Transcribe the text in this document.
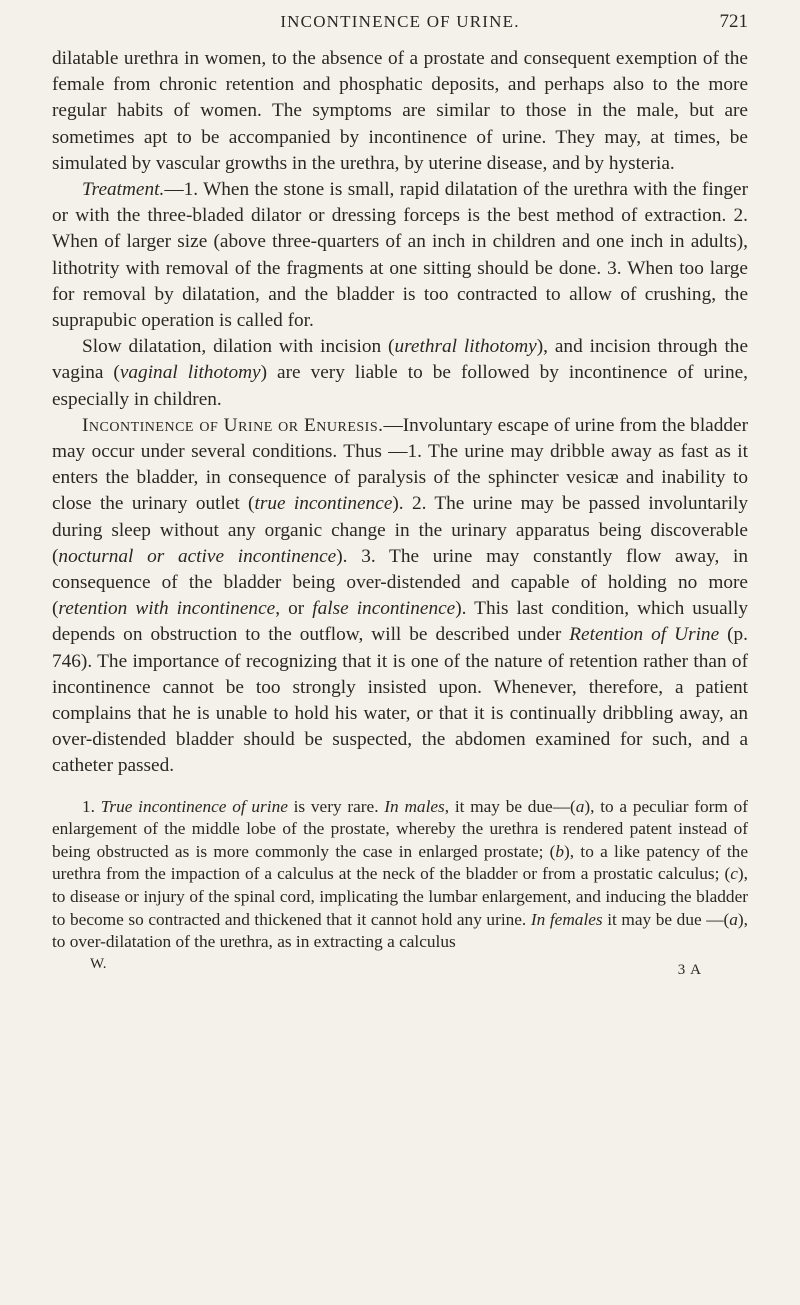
INCONTINENCE OF URINE.	721

dilatable urethra in women, to the absence of a prostate and consequent exemption of the female from chronic retention and phosphatic deposits, and perhaps also to the more regular habits of women. The symptoms are similar to those in the male, but are sometimes apt to be accompanied by incontinence of urine. They may, at times, be simulated by vascular growths in the urethra, by uterine disease, and by hysteria.

Treatment.—1. When the stone is small, rapid dilatation of the urethra with the finger or with the three-bladed dilator or dressing forceps is the best method of extraction. 2. When of larger size (above three-quarters of an inch in children and one inch in adults), lithotrity with removal of the fragments at one sitting should be done. 3. When too large for removal by dilatation, and the bladder is too contracted to allow of crushing, the suprapubic operation is called for.

Slow dilatation, dilation with incision (urethral lithotomy), and incision through the vagina (vaginal lithotomy) are very liable to be followed by incontinence of urine, especially in children.

Incontinence of Urine or Enuresis.—Involuntary escape of urine from the bladder may occur under several conditions. Thus —1. The urine may dribble away as fast as it enters the bladder, in consequence of paralysis of the sphincter vesicæ and inability to close the urinary outlet (true incontinence). 2. The urine may be passed involuntarily during sleep without any organic change in the urinary apparatus being discoverable (nocturnal or active incontinence). 3. The urine may constantly flow away, in consequence of the bladder being over-distended and capable of holding no more (retention with incontinence, or false incontinence). This last condition, which usually depends on obstruction to the outflow, will be described under Retention of Urine (p. 746). The importance of recognizing that it is one of the nature of retention rather than of incontinence cannot be too strongly insisted upon. Whenever, therefore, a patient complains that he is unable to hold his water, or that it is continually dribbling away, an over-distended bladder should be suspected, the abdomen examined for such, and a catheter passed.

1. True incontinence of urine is very rare. In males, it may be due—(a), to a peculiar form of enlargement of the middle lobe of the prostate, whereby the urethra is rendered patent instead of being obstructed as is more commonly the case in enlarged prostate; (b), to a like patency of the urethra from the impaction of a calculus at the neck of the bladder or from a prostatic calculus; (c), to disease or injury of the spinal cord, implicating the lumbar enlargement, and inducing the bladder to become so contracted and thickened that it cannot hold any urine. In females it may be due —(a), to over-dilatation of the urethra, as in extracting a calculus

W.	3 A
